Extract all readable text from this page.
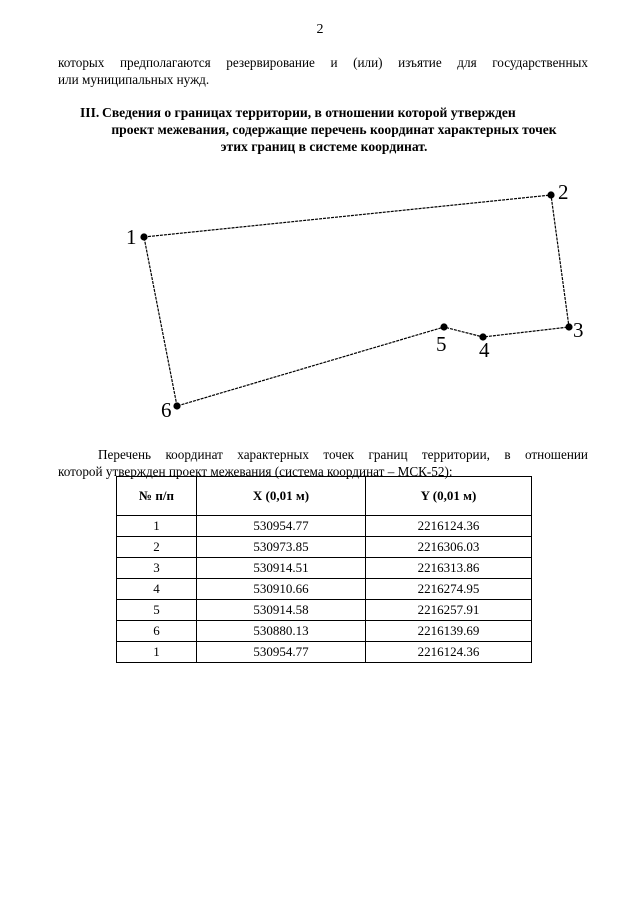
2
которых предполагаются резервирование и (или) изъятие для государственных
или муниципальных нужд.
III. Сведения о границах территории, в отношении которой утвержден
проект межевания, содержащие перечень координат характерных точек
этих границ в системе координат.
1
2
3
4
5
6
Перечень координат характерных точек границ территории, в отношении
которой утвержден проект межевания (система координат – МСК-52):
№ п/п	X (0,01 м)	Y (0,01 м)
1	530954.77	2216124.36
2	530973.85	2216306.03
3	530914.51	2216313.86
4	530910.66	2216274.95
5	530914.58	2216257.91
6	530880.13	2216139.69
1	530954.77	2216124.36
